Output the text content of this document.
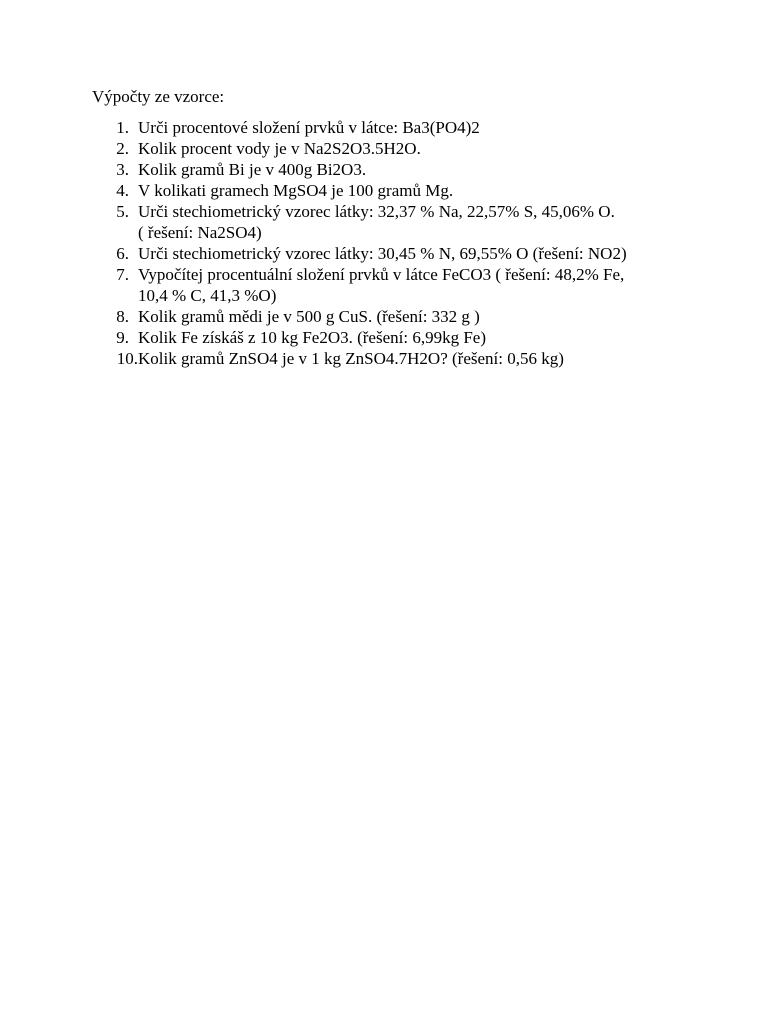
Výpočty ze vzorce:
1. Urči procentové složení prvků v látce: Ba3(PO4)2
2. Kolik procent vody je v Na2S2O3.5H2O.
3. Kolik gramů Bi je v 400g Bi2O3.
4. V kolikati gramech MgSO4 je 100 gramů Mg.
5. Urči stechiometrický vzorec látky: 32,37 % Na, 22,57% S, 45,06% O.
( řešení: Na2SO4)
6. Urči stechiometrický vzorec látky: 30,45 % N, 69,55% O (řešení: NO2)
7. Vypočítej procentuální složení prvků v látce FeCO3 ( řešení: 48,2% Fe,
10,4 % C, 41,3 %O)
8. Kolik gramů mědi je v 500 g CuS. (řešení: 332 g )
9. Kolik Fe získáš z 10 kg Fe2O3. (řešení: 6,99kg Fe)
10. Kolik gramů ZnSO4 je v 1 kg ZnSO4.7H2O? (řešení: 0,56 kg)
